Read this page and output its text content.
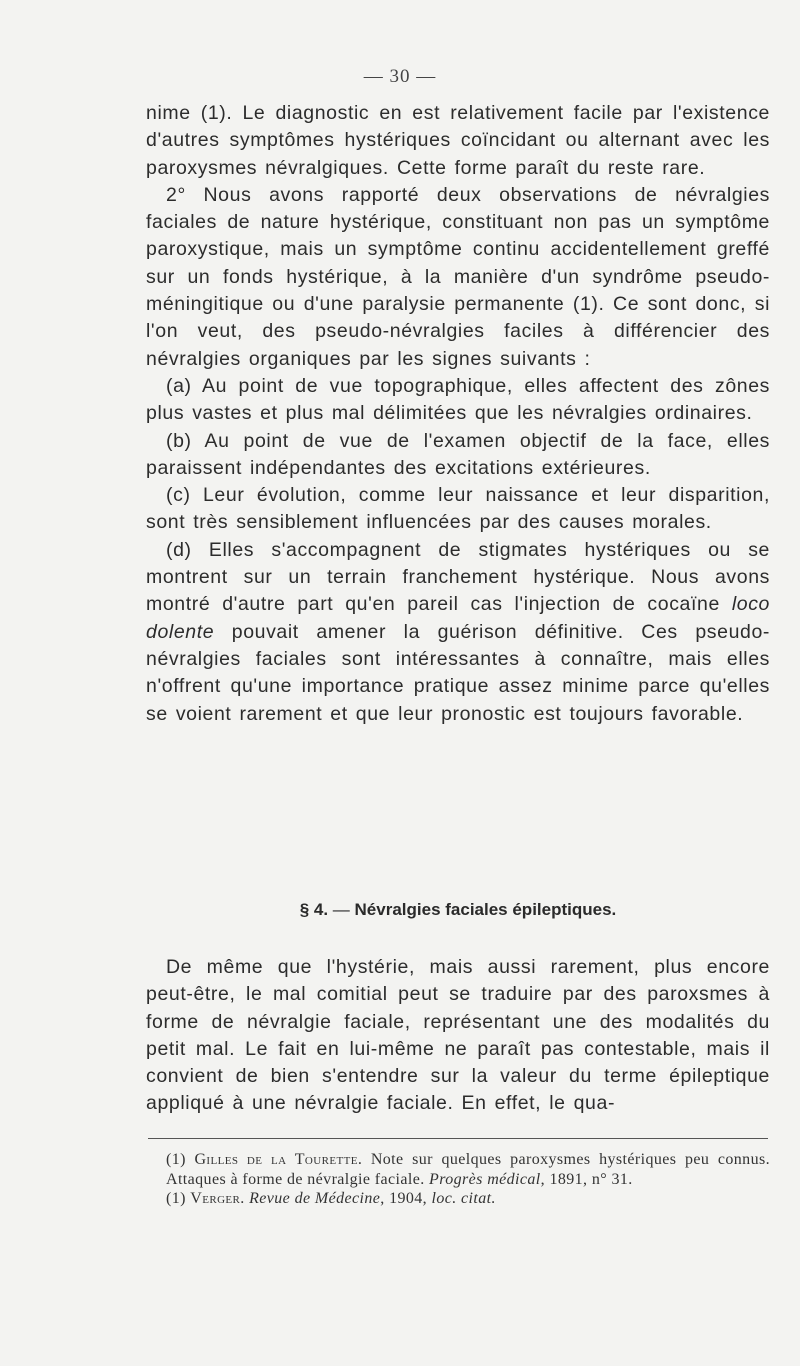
— 30 —

nime (1). Le diagnostic en est relativement facile par l'existence d'autres symptômes hystériques coïncidant ou alternant avec les paroxysmes névralgiques. Cette forme paraît du reste rare.

2° Nous avons rapporté deux observations de névralgies faciales de nature hystérique, constituant non pas un symptôme paroxystique, mais un symptôme continu accidentellement greffé sur un fonds hystérique, à la manière d'un syndrôme pseudo-méningitique ou d'une paralysie permanente (1). Ce sont donc, si l'on veut, des pseudo-névralgies faciles à différencier des névralgies organiques par les signes suivants :

(a) Au point de vue topographique, elles affectent des zônes plus vastes et plus mal délimitées que les névralgies ordinaires.

(b) Au point de vue de l'examen objectif de la face, elles paraissent indépendantes des excitations extérieures.

(c) Leur évolution, comme leur naissance et leur disparition, sont très sensiblement influencées par des causes morales.

(d) Elles s'accompagnent de stigmates hystériques ou se montrent sur un terrain franchement hystérique. Nous avons montré d'autre part qu'en pareil cas l'injection de cocaïne loco dolente pouvait amener la guérison définitive. Ces pseudo-névralgies faciales sont intéressantes à connaître, mais elles n'offrent qu'une importance pratique assez minime parce qu'elles se voient rarement et que leur pronostic est toujours favorable.

§ 4. — Névralgies faciales épileptiques.

De même que l'hystérie, mais aussi rarement, plus encore peut-être, le mal comitial peut se traduire par des paroxsmes à forme de névralgie faciale, représentant une des modalités du petit mal. Le fait en lui-même ne paraît pas contestable, mais il convient de bien s'entendre sur la valeur du terme épileptique appliqué à une névralgie faciale. En effet, le qua-

(1) Gilles de la Tourette. Note sur quelques paroxysmes hystériques peu connus. Attaques à forme de névralgie faciale. Progrès médical, 1891, n° 31.

(1) Verger. Revue de Médecine, 1904, loc. citat.
